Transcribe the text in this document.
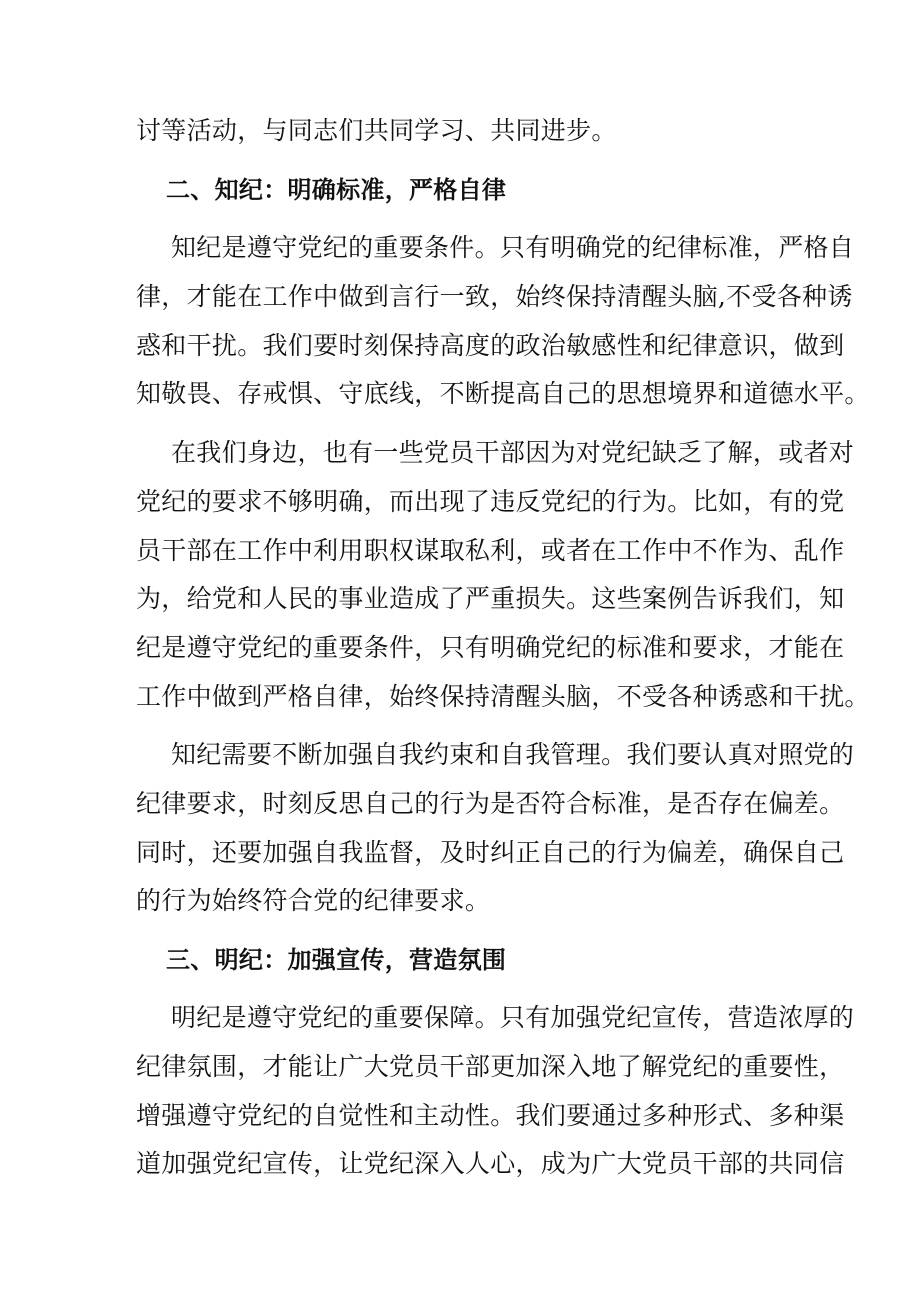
讨等活动，与同志们共同学习、共同进步。
二、知纪：明确标准，严格自律
知纪是遵守党纪的重要条件。只有明确党的纪律标准，严格自
律，才能在工作中做到言行一致，始终保持清醒头脑,不受各种诱
惑和干扰。我们要时刻保持高度的政治敏感性和纪律意识，做到
知敬畏、存戒惧、守底线，不断提高自己的思想境界和道德水平。
在我们身边，也有一些党员干部因为对党纪缺乏了解，或者对
党纪的要求不够明确，而出现了违反党纪的行为。比如，有的党
员干部在工作中利用职权谋取私利，或者在工作中不作为、乱作
为，给党和人民的事业造成了严重损失。这些案例告诉我们，知
纪是遵守党纪的重要条件，只有明确党纪的标准和要求，才能在
工作中做到严格自律，始终保持清醒头脑，不受各种诱惑和干扰。
知纪需要不断加强自我约束和自我管理。我们要认真对照党的
纪律要求，时刻反思自己的行为是否符合标准，是否存在偏差。
同时，还要加强自我监督，及时纠正自己的行为偏差，确保自己
的行为始终符合党的纪律要求。
三、明纪：加强宣传，营造氛围
明纪是遵守党纪的重要保障。只有加强党纪宣传，营造浓厚的
纪律氛围，才能让广大党员干部更加深入地了解党纪的重要性，
增强遵守党纪的自觉性和主动性。我们要通过多种形式、多种渠
道加强党纪宣传，让党纪深入人心，成为广大党员干部的共同信
